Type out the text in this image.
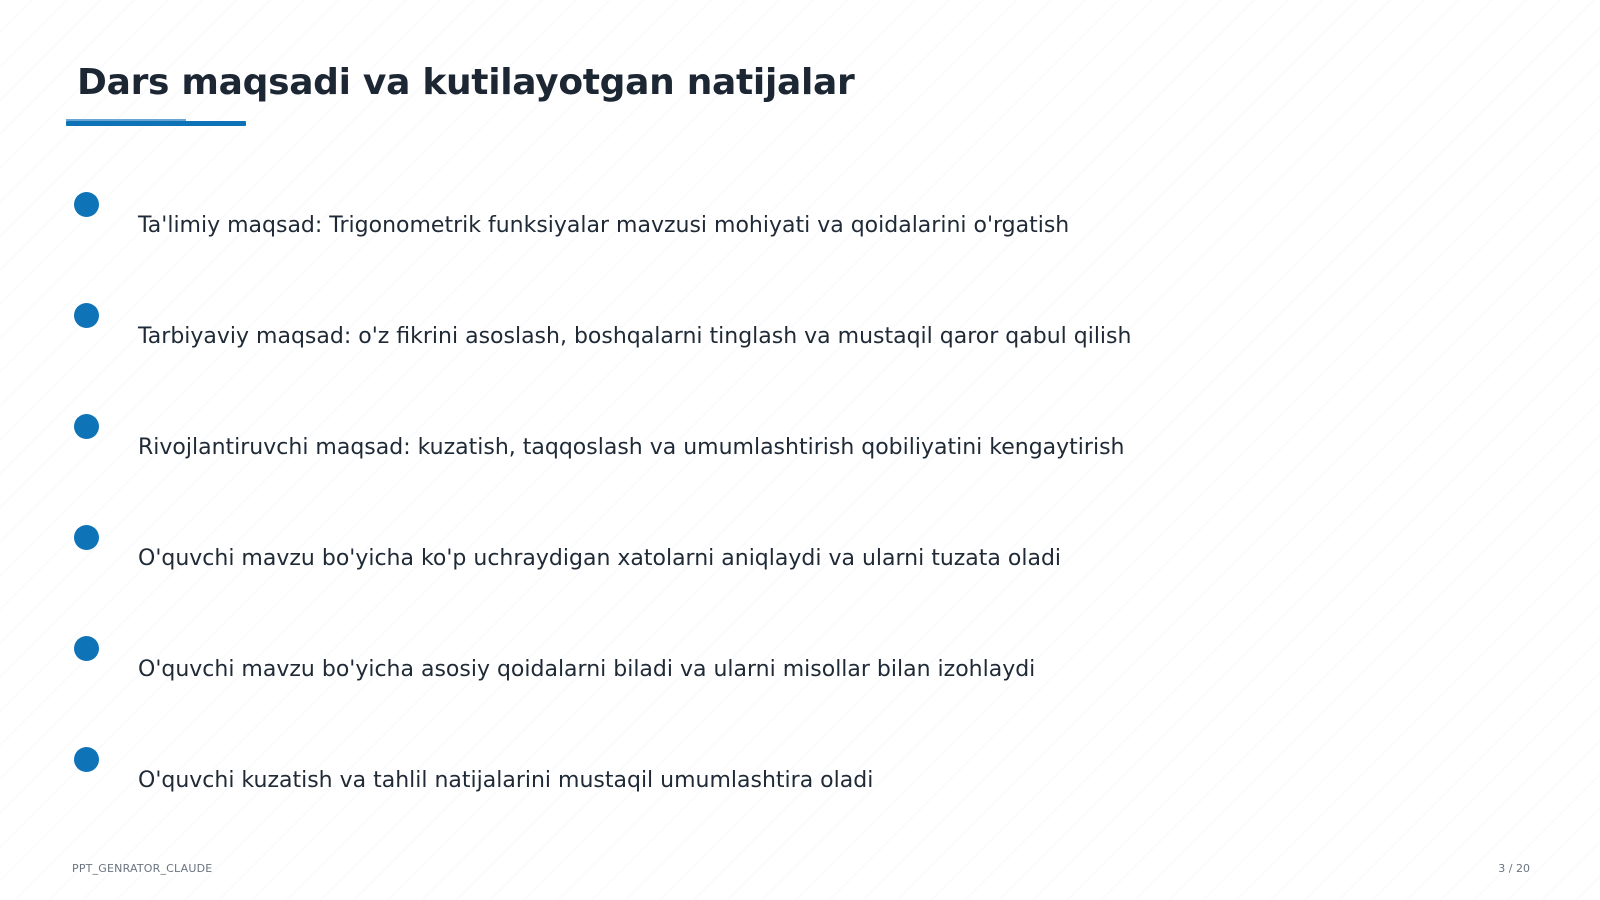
Dars maqsadi va kutilayotgan natijalar
Ta'limiy maqsad: Trigonometrik funksiyalar mavzusi mohiyati va qoidalarini o'rgatish
Tarbiyaviy maqsad: o'z fikrini asoslash, boshqalarni tinglash va mustaqil qaror qabul qilish
Rivojlantiruvchi maqsad: kuzatish, taqqoslash va umumlashtirish qobiliyatini kengaytirish
O'quvchi mavzu bo'yicha ko'p uchraydigan xatolarni aniqlaydi va ularni tuzata oladi
O'quvchi mavzu bo'yicha asosiy qoidalarni biladi va ularni misollar bilan izohlaydi
O'quvchi kuzatish va tahlil natijalarini mustaqil umumlashtira oladi
PPT_GENRATOR_CLAUDE	3 / 20
